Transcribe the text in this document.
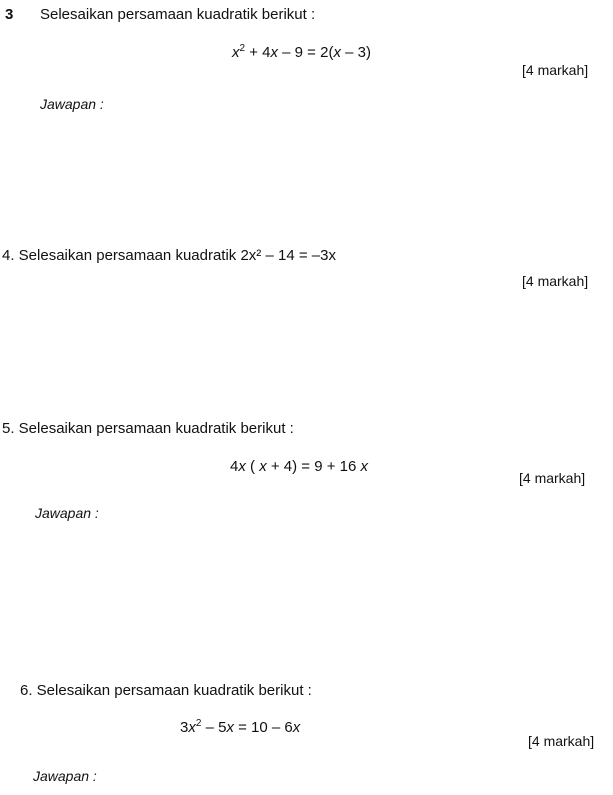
3 Selesaikan persamaan kuadratik berikut :
$x^2 + 4x - 9 = 2(x - 3)$
[4 markah]
Jawapan :
4. Selesaikan persamaan kuadratik 2x² – 14 = –3x
[4 markah]
5. Selesaikan persamaan kuadratik berikut :
4x ( x + 4) = 9 + 16 x
[4 markah]
Jawapan :
6. Selesaikan persamaan kuadratik berikut :
$3x^2 - 5x = 10 - 6x$
[4 markah]
Jawapan :
